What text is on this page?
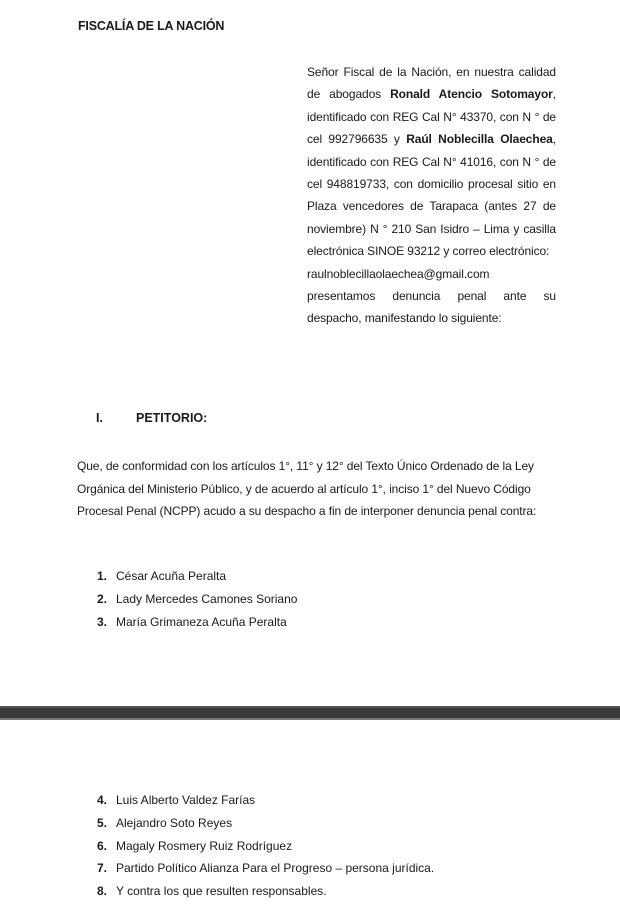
FISCALÍA DE LA NACIÓN
Señor Fiscal de la Nación, en nuestra calidad de abogados Ronald Atencio Sotomayor, identificado con REG Cal N° 43370, con N ° de cel 992796635 y Raúl Noblecilla Olaechea, identificado con REG Cal N° 41016, con N ° de cel 948819733, con domicilio procesal sitio en Plaza vencedores de Tarapaca (antes 27 de noviembre) N ° 210 San Isidro – Lima y casilla electrónica SINOE 93212 y correo electrónico:
raulnoblecillaolaechea@gmail.com
presentamos denuncia penal ante su despacho, manifestando lo siguiente:
I.	PETITORIO:
Que, de conformidad con los artículos 1°, 11° y 12° del Texto Único Ordenado de la Ley Orgánica del Ministerio Público, y de acuerdo al artículo 1°, inciso 1° del Nuevo Código Procesal Penal (NCPP) acudo a su despacho a fin de interponer denuncia penal contra:
1. César Acuña Peralta
2. Lady Mercedes Camones Soriano
3. María Grimaneza Acuña Peralta
4. Luis Alberto Valdez Farías
5. Alejandro Soto Reyes
6. Magaly Rosmery Ruiz Rodríguez
7. Partido Político Alianza Para el Progreso – persona jurídica.
8. Y contra los que resulten responsables.
